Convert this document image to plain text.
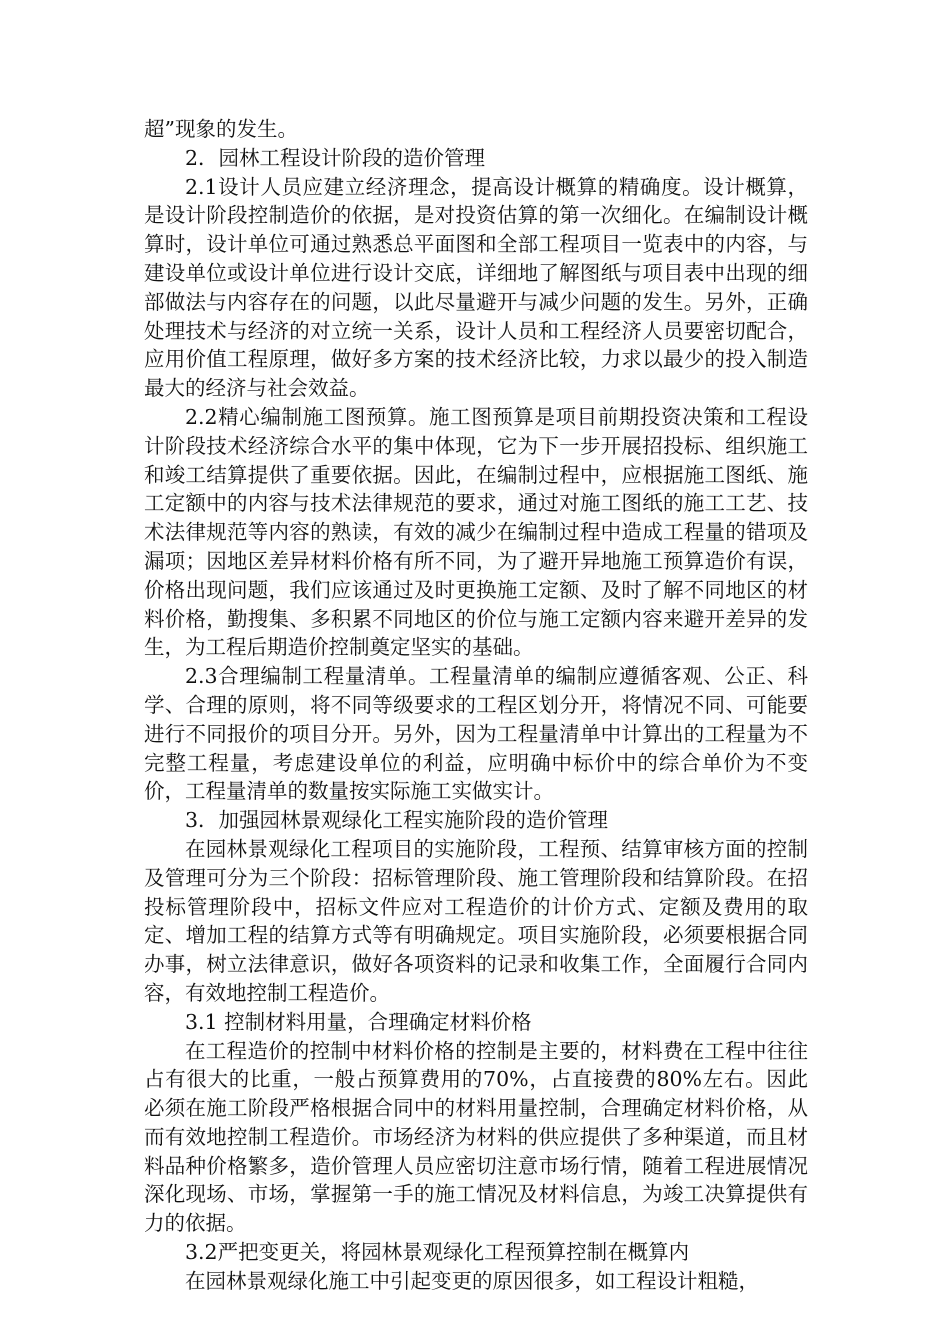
超”现象的发生。

2．园林工程设计阶段的造价管理

2.1设计人员应建立经济理念，提高设计概算的精确度。设计概算，是设计阶段控制造价的依据，是对投资估算的第一次细化。在编制设计概算时，设计单位可通过熟悉总平面图和全部工程项目一览表中的内容，与建设单位或设计单位进行设计交底，详细地了解图纸与项目表中出现的细部做法与内容存在的问题，以此尽量避开与减少问题的发生。另外，正确处理技术与经济的对立统一关系，设计人员和工程经济人员要密切配合，应用价值工程原理，做好多方案的技术经济比较，力求以最少的投入制造最大的经济与社会效益。

2.2精心编制施工图预算。施工图预算是项目前期投资决策和工程设计阶段技术经济综合水平的集中体现，它为下一步开展招投标、组织施工和竣工结算提供了重要依据。因此，在编制过程中，应根据施工图纸、施工定额中的内容与技术法律规范的要求，通过对施工图纸的施工工艺、技术法律规范等内容的熟读，有效的减少在编制过程中造成工程量的错项及漏项；因地区差异材料价格有所不同，为了避开异地施工预算造价有误，价格出现问题，我们应该通过及时更换施工定额、及时了解不同地区的材料价格，勤搜集、多积累不同地区的价位与施工定额内容来避开差异的发生，为工程后期造价控制奠定坚实的基础。

2.3合理编制工程量清单。工程量清单的编制应遵循客观、公正、科学、合理的原则，将不同等级要求的工程区划分开，将情况不同、可能要进行不同报价的项目分开。另外，因为工程量清单中计算出的工程量为不完整工程量，考虑建设单位的利益，应明确中标价中的综合单价为不变价，工程量清单的数量按实际施工实做实计。

3．加强园林景观绿化工程实施阶段的造价管理

在园林景观绿化工程项目的实施阶段，工程预、结算审核方面的控制及管理可分为三个阶段：招标管理阶段、施工管理阶段和结算阶段。在招投标管理阶段中，招标文件应对工程造价的计价方式、定额及费用的取定、增加工程的结算方式等有明确规定。项目实施阶段，必须要根据合同办事，树立法律意识，做好各项资料的记录和收集工作，全面履行合同内容，有效地控制工程造价。

3.1 控制材料用量，合理确定材料价格

在工程造价的控制中材料价格的控制是主要的，材料费在工程中往往占有很大的比重，一般占预算费用的70%，占直接费的80%左右。因此必须在施工阶段严格根据合同中的材料用量控制，合理确定材料价格，从而有效地控制工程造价。市场经济为材料的供应提供了多种渠道，而且材料品种价格繁多，造价管理人员应密切注意市场行情，随着工程进展情况深化现场、市场，掌握第一手的施工情况及材料信息，为竣工决算提供有力的依据。

3.2严把变更关，将园林景观绿化工程预算控制在概算内

在园林景观绿化施工中引起变更的原因很多，如工程设计粗糙，
